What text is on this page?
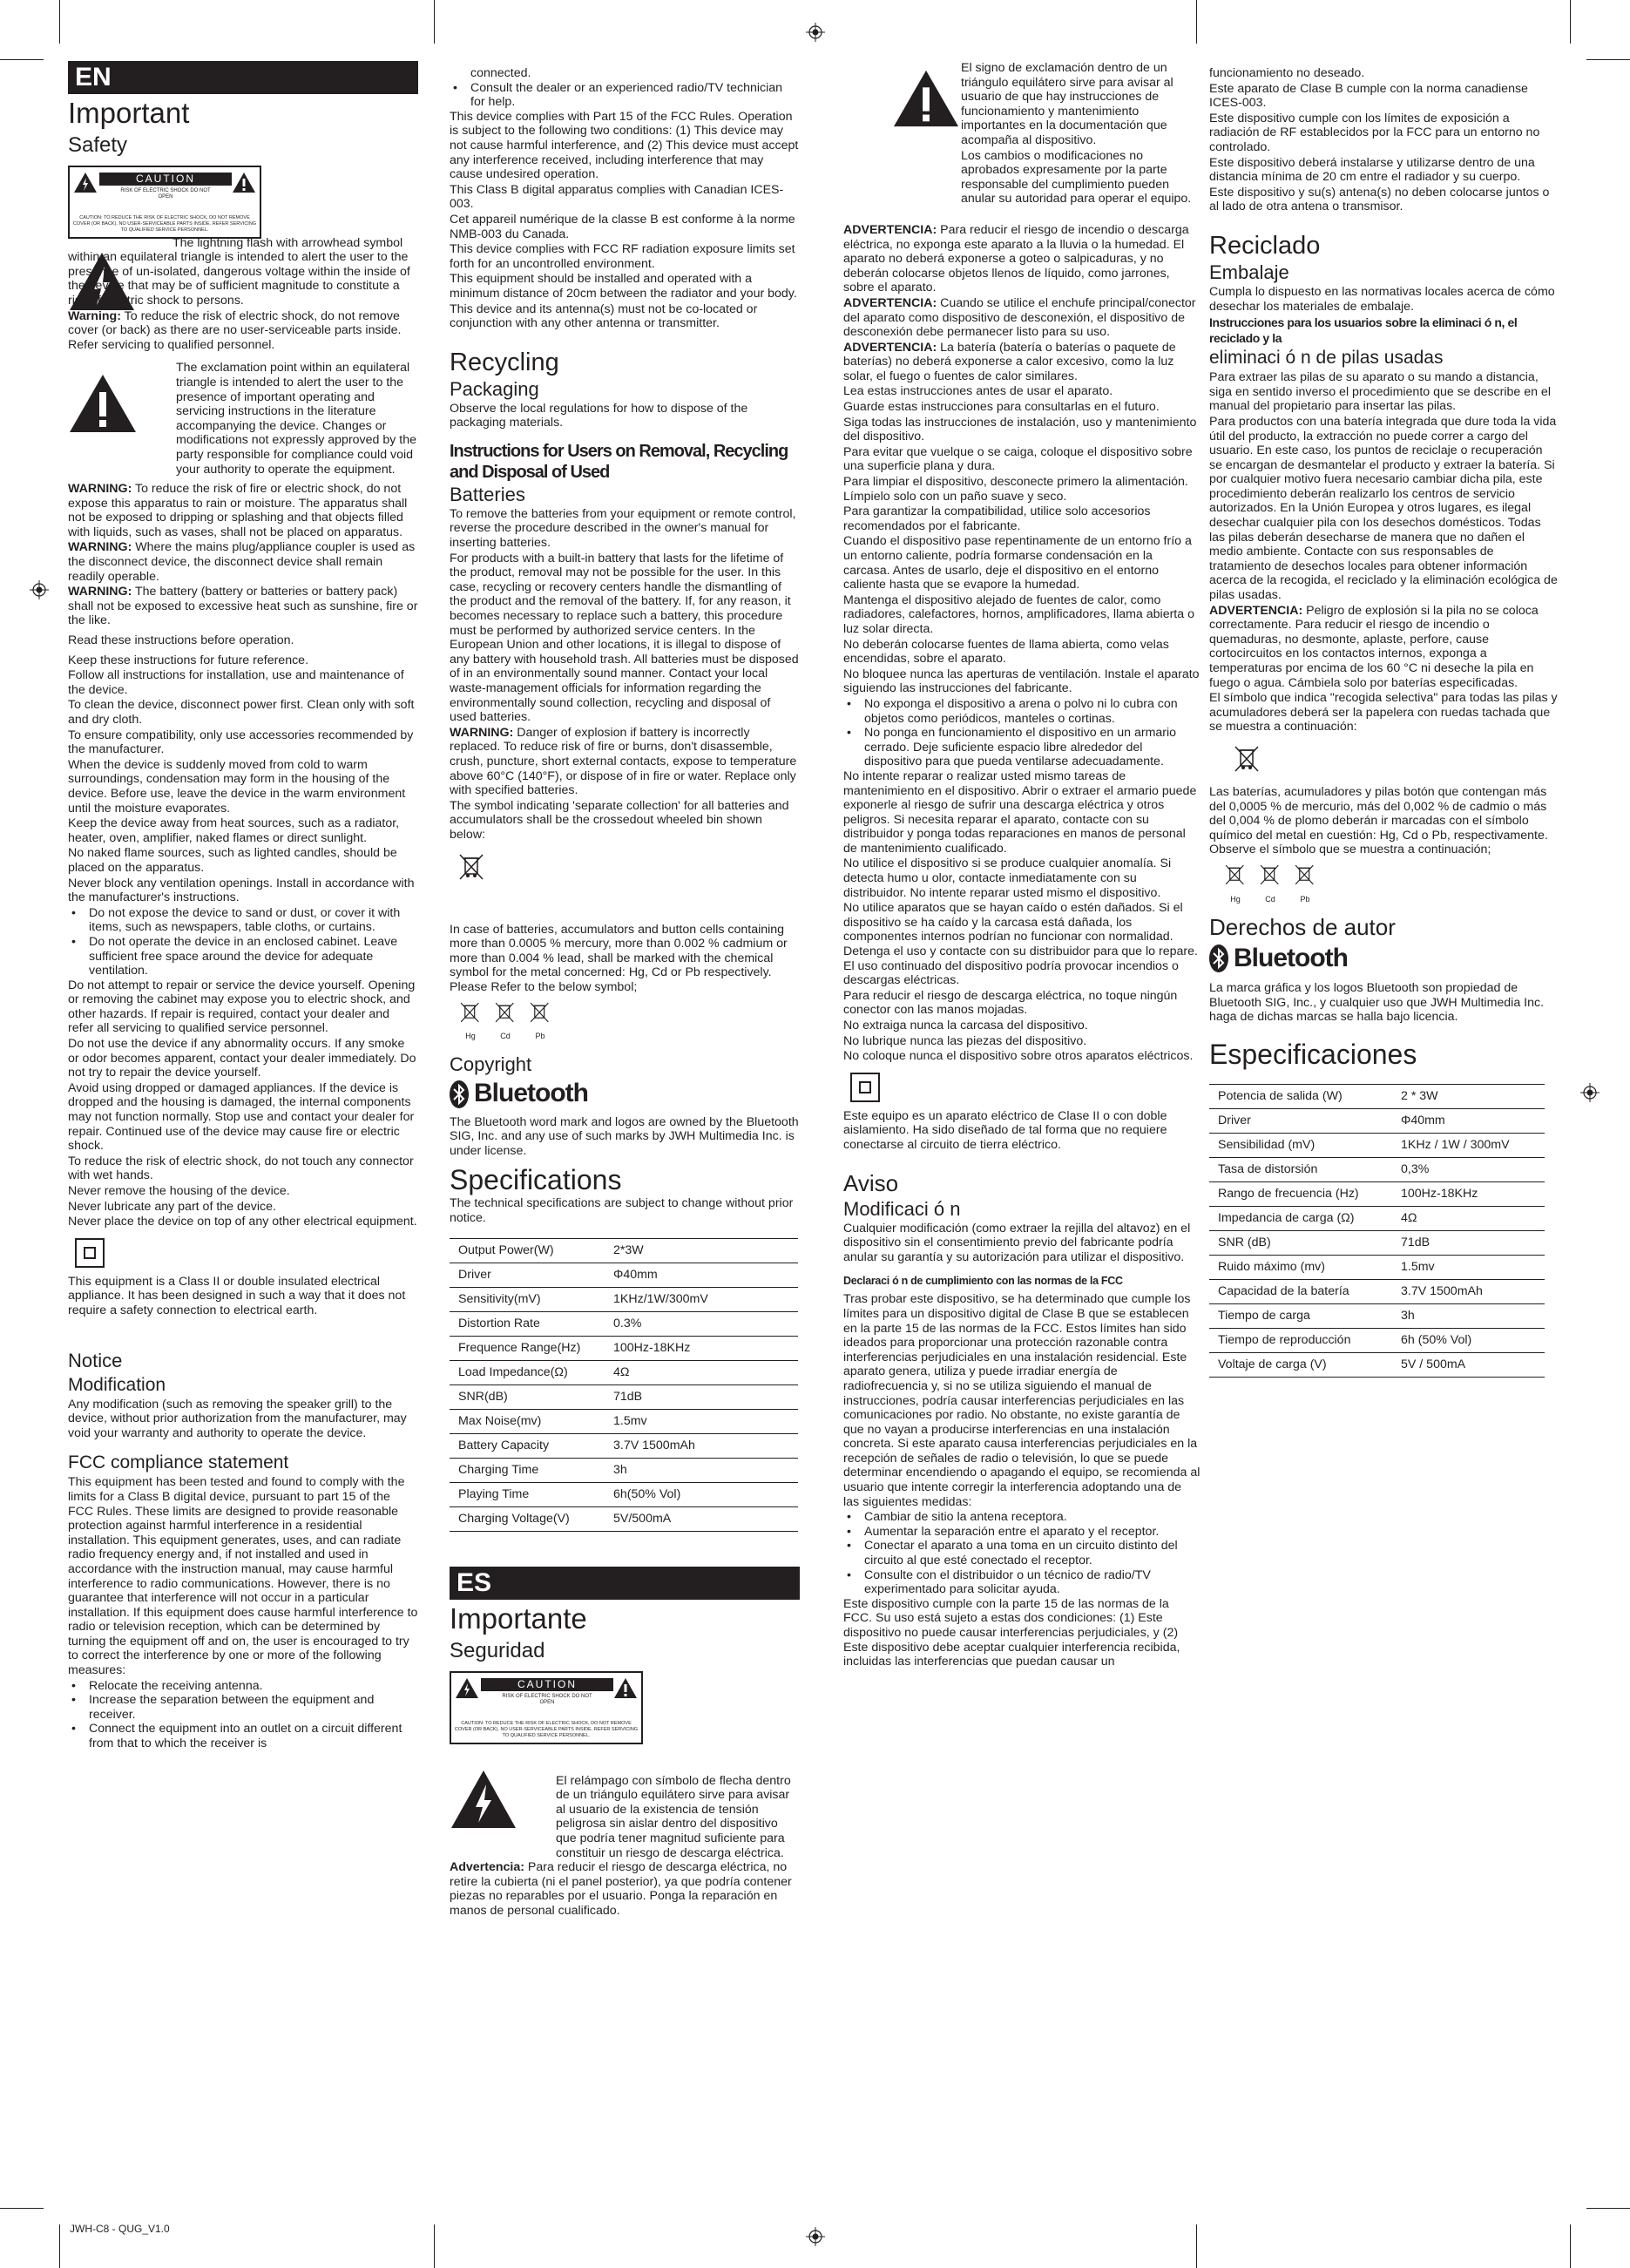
EN
Important
Safety
CAUTION
RISK OF ELECTRIC SHOCK DO NOT OPEN
CAUTION: TO REDUCE THE RISK OF ELECTRIC SHOCK, DO NOT REMOVE COVER (OR BACK). NO USER-SERVICEABLE PARTS INSIDE. REFER SERVICING TO QUALIFIED SERVICE PERSONNEL.

The lightning flash with arrowhead symbol within an equilateral triangle is intended to alert the user to the presence of un-isolated, dangerous voltage within the inside of the device that may be of sufficient magnitude to constitute a risk of electric shock to persons.

Warning: To reduce the risk of electric shock, do not remove cover (or back) as there are no user-serviceable parts inside. Refer servicing to qualified personnel.

The exclamation point within an equilateral triangle is intended to alert the user to the presence of important operating and servicing instructions in the literature accompanying the device. Changes or modifications not expressly approved by the party responsible for compliance could void your authority to operate the equipment.

WARNING: To reduce the risk of fire or electric shock, do not expose this apparatus to rain or moisture. The apparatus shall not be exposed to dripping or splashing and that objects filled with liquids, such as vases, shall not be placed on apparatus.

WARNING: Where the mains plug/appliance coupler is used as the disconnect device, the disconnect device shall remain readily operable.

WARNING: The battery (battery or batteries or battery pack) shall not be exposed to excessive heat such as sunshine, fire or the like.

Read these instructions before operation.

Keep these instructions for future reference.

Follow all instructions for installation, use and maintenance of the device.

To clean the device, disconnect power first. Clean only with soft and dry cloth.

To ensure compatibility, only use accessories recommended by the manufacturer.

When the device is suddenly moved from cold to warm surroundings, condensation may form in the housing of the device. Before use, leave the device in the warm environment until the moisture evaporates.

Keep the device away from heat sources, such as a radiator, heater, oven, amplifier, naked flames or direct sunlight.

No naked flame sources, such as lighted candles, should be placed on the apparatus.

Never block any ventilation openings. Install in accordance with the manufacturer's instructions.

• Do not expose the device to sand or dust, or cover it with items, such as newspapers, table cloths, or curtains.
• Do not operate the device in an enclosed cabinet. Leave sufficient free space around the device for adequate ventilation.

Do not attempt to repair or service the device yourself. Opening or removing the cabinet may expose you to electric shock, and other hazards. If repair is required, contact your dealer and refer all servicing to qualified service personnel.

Do not use the device if any abnormality occurs. If any smoke or odor becomes apparent, contact your dealer immediately. Do not try to repair the device yourself.

Avoid using dropped or damaged appliances. If the device is dropped and the housing is damaged, the internal components may not function normally. Stop use and contact your dealer for repair. Continued use of the device may cause fire or electric shock.

To reduce the risk of electric shock, do not touch any connector with wet hands.

Never remove the housing of the device.

Never lubricate any part of the device.

Never place the device on top of any other electrical equipment.

This equipment is a Class II or double insulated electrical appliance. It has been designed in such a way that it does not require a safety connection to electrical earth.

Notice
Modification

Any modification (such as removing the speaker grill) to the device, without prior authorization from the manufacturer, may void your warranty and authority to operate the device.

FCC compliance statement

This equipment has been tested and found to comply with the limits for a Class B digital device, pursuant to part 15 of the FCC Rules. These limits are designed to provide reasonable protection against harmful interference in a residential installation. This equipment generates, uses, and can radiate radio frequency energy and, if not installed and used in accordance with the instruction manual, may cause harmful interference to radio communications. However, there is no guarantee that interference will not occur in a particular installation. If this equipment does cause harmful interference to radio or television reception, which can be determined by turning the equipment off and on, the user is encouraged to try to correct the interference by one or more of the following measures:

• Relocate the receiving antenna.
• Increase the separation between the equipment and receiver.
• Connect the equipment into an outlet on a circuit different from that to which the receiver is
connected.
• Consult the dealer or an experienced radio/TV technician for help.

This device complies with Part 15 of the FCC Rules. Operation is subject to the following two conditions: (1) This device may not cause harmful interference, and (2) This device must accept any interference received, including interference that may cause undesired operation.

This Class B digital apparatus complies with Canadian ICES-003.

Cet appareil numérique de la classe B est conforme à la norme NMB-003 du Canada.

This device complies with FCC RF radiation exposure limits set forth for an uncontrolled environment.

This equipment should be installed and operated with a minimum distance of 20cm between the radiator and your body.

This device and its antenna(s) must not be co-located or conjunction with any other antenna or transmitter.

Recycling
Packaging

Observe the local regulations for how to dispose of the packaging materials.

Instructions for Users on Removal, Recycling and Disposal of Used
Batteries

To remove the batteries from your equipment or remote control, reverse the procedure described in the owner's manual for inserting batteries.

For products with a built-in battery that lasts for the lifetime of the product, removal may not be possible for the user. In this case, recycling or recovery centers handle the dismantling of the product and the removal of the battery. If, for any reason, it becomes necessary to replace such a battery, this procedure must be performed by authorized service centers. In the European Union and other locations, it is illegal to dispose of any battery with household trash. All batteries must be disposed of in an environmentally sound manner. Contact your local waste-management officials for information regarding the environmentally sound collection, recycling and disposal of used batteries.

WARNING: Danger of explosion if battery is incorrectly replaced. To reduce risk of fire or burns, don't disassemble, crush, puncture, short external contacts, expose to temperature above 60°C (140°F), or dispose of in fire or water. Replace only with specified batteries.

The symbol indicating 'separate collection' for all batteries and accumulators shall be the crossedout wheeled bin shown below:

In case of batteries, accumulators and button cells containing more than 0.0005 % mercury, more than 0.002 % cadmium or more than 0.004 % lead, shall be marked with the chemical symbol for the metal concerned: Hg, Cd or Pb respectively. Please Refer to the below symbol;

Hg	Cd	Pb
Copyright
Bluetooth

The Bluetooth word mark and logos are owned by the Bluetooth SIG, Inc. and any use of such marks by JWH Multimedia Inc. is under license.

Specifications

The technical specifications are subject to change without prior notice.

Output Power(W)	2*3W
Driver	Φ40mm
Sensitivity(mV)	1KHz/1W/300mV
Distortion Rate	0.3%
Frequence Range(Hz)	100Hz-18KHz
Load Impedance(Ω)	4Ω
SNR(dB)	71dB
Max Noise(mv)	1.5mv
Battery Capacity	3.7V 1500mAh
Charging Time	3h
Playing Time	6h(50% Vol)
Charging Voltage(V)	5V/500mA
ES
Importante
Seguridad
CAUTION
RISK OF ELECTRIC SHOCK DO NOT OPEN
CAUTION: TO REDUCE THE RISK OF ELECTRIC SHOCK, DO NOT REMOVE COVER (OR BACK). NO USER-SERVICEABLE PARTS INSIDE. REFER SERVICING TO QUALIFIED SERVICE PERSONNEL.
El relámpago con símbolo de flecha dentro de un triángulo equilátero sirve para avisar al usuario de la existencia de tensión peligrosa sin aislar dentro del dispositivo que podría tener magnitud suficiente para constituir un riesgo de descarga eléctrica.

Advertencia: Para reducir el riesgo de descarga eléctrica, no retire la cubierta (ni el panel posterior), ya que podría contener piezas no reparables por el usuario. Ponga la reparación en manos de personal cualificado.

El signo de exclamación dentro de un triángulo equilátero sirve para avisar al usuario de que hay instrucciones de funcionamiento y mantenimiento importantes en la documentación que acompaña al dispositivo.

Los cambios o modificaciones no aprobados expresamente por la parte responsable del cumplimiento pueden anular su autoridad para operar el equipo.

ADVERTENCIA: Para reducir el riesgo de incendio o descarga eléctrica, no exponga este aparato a la lluvia o la humedad. El aparato no deberá exponerse a goteo o salpicaduras, y no deberán colocarse objetos llenos de líquido, como jarrones, sobre el aparato.

ADVERTENCIA: Cuando se utilice el enchufe principal/conector del aparato como dispositivo de desconexión, el dispositivo de desconexión debe permanecer listo para su uso.

ADVERTENCIA: La batería (batería o baterías o paquete de baterías) no deberá exponerse a calor excesivo, como la luz solar, el fuego o fuentes de calor similares.

Lea estas instrucciones antes de usar el aparato.

Guarde estas instrucciones para consultarlas en el futuro.

Siga todas las instrucciones de instalación, uso y mantenimiento del dispositivo.

Para evitar que vuelque o se caiga, coloque el dispositivo sobre una superficie plana y dura.

Para limpiar el dispositivo, desconecte primero la alimentación. Límpielo solo con un paño suave y seco.

Para garantizar la compatibilidad, utilice solo accesorios recomendados por el fabricante.

Cuando el dispositivo pase repentinamente de un entorno frío a un entorno caliente, podría formarse condensación en la carcasa. Antes de usarlo, deje el dispositivo en el entorno caliente hasta que se evapore la humedad.

Mantenga el dispositivo alejado de fuentes de calor, como radiadores, calefactores, hornos, amplificadores, llama abierta o luz solar directa.

No deberán colocarse fuentes de llama abierta, como velas encendidas, sobre el aparato.

No bloquee nunca las aperturas de ventilación. Instale el aparato siguiendo las instrucciones del fabricante.

• No exponga el dispositivo a arena o polvo ni lo cubra con objetos como periódicos, manteles o cortinas.
• No ponga en funcionamiento el dispositivo en un armario cerrado. Deje suficiente espacio libre alrededor del dispositivo para que pueda ventilarse adecuadamente.

No intente reparar o realizar usted mismo tareas de mantenimiento en el dispositivo. Abrir o extraer el armario puede exponerle al riesgo de sufrir una descarga eléctrica y otros peligros. Si necesita reparar el aparato, contacte con su distribuidor y ponga todas reparaciones en manos de personal de mantenimiento cualificado.

No utilice el dispositivo si se produce cualquier anomalía. Si detecta humo u olor, contacte inmediatamente con su distribuidor. No intente reparar usted mismo el dispositivo.

No utilice aparatos que se hayan caído o estén dañados. Si el dispositivo se ha caído y la carcasa está dañada, los componentes internos podrían no funcionar con normalidad. Detenga el uso y contacte con su distribuidor para que lo repare. El uso continuado del dispositivo podría provocar incendios o descargas eléctricas.

Para reducir el riesgo de descarga eléctrica, no toque ningún conector con las manos mojadas.

No extraiga nunca la carcasa del dispositivo.

No lubrique nunca las piezas del dispositivo.

No coloque nunca el dispositivo sobre otros aparatos eléctricos.

Este equipo es un aparato eléctrico de Clase II o con doble aislamiento. Ha sido diseñado de tal forma que no requiere conectarse al circuito de tierra eléctrico.

Aviso
Modificaci ó n

Cualquier modificación (como extraer la rejilla del altavoz) en el dispositivo sin el consentimiento previo del fabricante podría anular su garantía y su autorización para utilizar el dispositivo.

Declaraci ó n de cumplimiento con las normas de la FCC

Tras probar este dispositivo, se ha determinado que cumple los límites para un dispositivo digital de Clase B que se establecen en la parte 15 de las normas de la FCC. Estos límites han sido ideados para proporcionar una protección razonable contra interferencias perjudiciales en una instalación residencial. Este aparato genera, utiliza y puede irradiar energía de radiofrecuencia y, si no se utiliza siguiendo el manual de instrucciones, podría causar interferencias perjudiciales en las comunicaciones por radio. No obstante, no existe garantía de que no vayan a producirse interferencias en una instalación concreta. Si este aparato causa interferencias perjudiciales en la recepción de señales de radio o televisión, lo que se puede determinar encendiendo o apagando el equipo, se recomienda al usuario que intente corregir la interferencia adoptando una de las siguientes medidas:

• Cambiar de sitio la antena receptora.
• Aumentar la separación entre el aparato y el receptor.
• Conectar el aparato a una toma en un circuito distinto del circuito al que esté conectado el receptor.
• Consulte con el distribuidor o un técnico de radio/TV experimentado para solicitar ayuda.

Este dispositivo cumple con la parte 15 de las normas de la FCC. Su uso está sujeto a estas dos condiciones: (1) Este dispositivo no puede causar interferencias perjudiciales, y (2) Este dispositivo debe aceptar cualquier interferencia recibida, incluidas las interferencias que puedan causar un

funcionamiento no deseado.

Este aparato de Clase B cumple con la norma canadiense ICES-003.

Este dispositivo cumple con los límites de exposición a radiación de RF establecidos por la FCC para un entorno no controlado.

Este dispositivo deberá instalarse y utilizarse dentro de una distancia mínima de 20 cm entre el radiador y su cuerpo.

Este dispositivo y su(s) antena(s) no deben colocarse juntos o al lado de otra antena o transmisor.

Reciclado
Embalaje

Cumpla lo dispuesto en las normativas locales acerca de cómo desechar los materiales de embalaje.

Instrucciones para los usuarios sobre la eliminaci ó n, el reciclado y la
eliminaci ó n de pilas usadas

Para extraer las pilas de su aparato o su mando a distancia, siga en sentido inverso el procedimiento que se describe en el manual del propietario para insertar las pilas.

Para productos con una batería integrada que dure toda la vida útil del producto, la extracción no puede correr a cargo del usuario. En este caso, los puntos de reciclaje o recuperación se encargan de desmantelar el producto y extraer la batería. Si por cualquier motivo fuera necesario cambiar dicha pila, este procedimiento deberán realizarlo los centros de servicio autorizados. En la Unión Europea y otros lugares, es ilegal desechar cualquier pila con los desechos domésticos. Todas las pilas deberán desecharse de manera que no dañen el medio ambiente. Contacte con sus responsables de tratamiento de desechos locales para obtener información acerca de la recogida, el reciclado y la eliminación ecológica de pilas usadas.

ADVERTENCIA: Peligro de explosión si la pila no se coloca correctamente. Para reducir el riesgo de incendio o quemaduras, no desmonte, aplaste, perfore, cause cortocircuitos en los contactos internos, exponga a temperaturas por encima de los 60 °C ni deseche la pila en fuego o agua. Cámbiela solo por baterías especificadas.

El símbolo que indica "recogida selectiva" para todas las pilas y acumuladores deberá ser la papelera con ruedas tachada que se muestra a continuación:

Las baterías, acumuladores y pilas botón que contengan más del 0,0005 % de mercurio, más del 0,002 % de cadmio o más del 0,004 % de plomo deberán ir marcadas con el símbolo químico del metal en cuestión: Hg, Cd o Pb, respectivamente. Observe el símbolo que se muestra a continuación;

Hg	Cd	Pb
Derechos de autor
Bluetooth

La marca gráfica y los logos Bluetooth son propiedad de Bluetooth SIG, Inc., y cualquier uso que JWH Multimedia Inc. haga de dichas marcas se halla bajo licencia.

Especificaciones
Potencia de salida (W)	2 * 3W
Driver	Φ40mm
Sensibilidad (mV)	1KHz / 1W / 300mV
Tasa de distorsión	0,3%
Rango de frecuencia (Hz)	100Hz-18KHz
Impedancia de carga (Ω)	4Ω
SNR (dB)	71dB
Ruido máximo (mv)	1.5mv
Capacidad de la batería	3.7V 1500mAh
Tiempo de carga	3h
Tiempo de reproducción	6h (50% Vol)
Voltaje de carga (V)	5V / 500mA
JWH-C8 - QUG_V1.0
